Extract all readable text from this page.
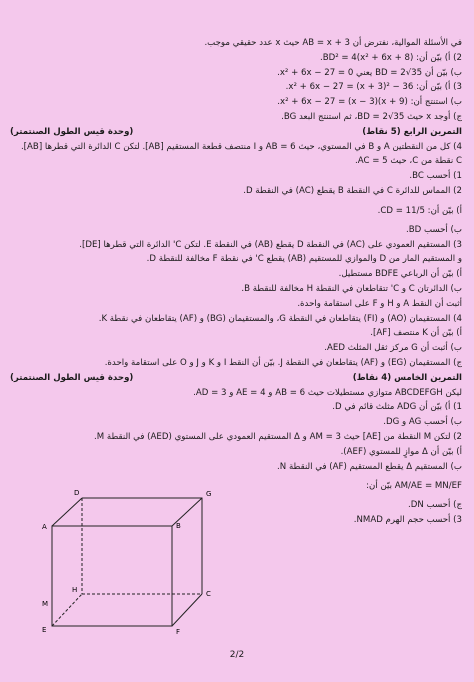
في الأسئلة الموالية، نفترض أن AB = x + 3 حيث x عدد حقيقي موجب.
2) أ) بيّن أن: BD² = 4(x² + 6x + 8).
ب) بيّن أن BD = 2√35 يعني x² + 6x − 27 = 0.
3) أ) بيّن أن: x² + 6x − 27 = (x + 3)² − 36.
ب) استنتج أن: x² + 6x − 27 = (x − 3)(x + 9).
ج) أوجد x حيث BD = 2√35، ثم استنتج البعد BG.
التمرين الرابع (5 نقاط)
(وحدة قيس الطول الصنتمتر)
4) كل من النقطتين A و B في المستوي، حيث AB = 6 و I منتصف قطعة المستقيم [AB]. لتكن C الدائرة التي قطرها [AB].
C نقطة من C، حيث AC = 5.
1) أحسب BC.
2) المماس للدائرة C في النقطة B يقطع (AC) في النقطة D.
أ) بيّن أن: CD = 11/5.
ب) أحسب BD.
3) المستقيم العمودي على (AC) في النقطة D يقطع (AB) في النقطة E. لتكن C' الدائرة التي قطرها [DE].
و المستقيم المار من D والموازي للمستقيم (AB) يقطع C' في نقطة F مخالفة للنقطة D.
أ) بيّن أن الرباعي BDFE مستطيل.
ب) الدائرتان C و C' تتقاطعان في النقطة H مخالفة للنقطة B.
أثبت أن النقط A و H و F على استقامة واحدة.
4) المستقيمان (AO) و (FI) يتقاطعان في النقطة G، والمستقيمان (BG) و (AF) يتقاطعان في نقطة K.
أ) بيّن أن K منتصف [AF].
ب) أثبت أن G مركز ثقل المثلث AED.
ج) المستقيمان (EG) و (AF) يتقاطعان في النقطة J. بيّن أن النقط I و K و J و O على استقامة واحدة.
التمرين الخامس (4 نقاط)
(وحدة قيس الطول الصنتمتر)
ليكن ABCDEFGH متوازي مستطيلات حيث AB = 6 و AE = 4 و AD = 3.
1) أ) بيّن أن ADG مثلث قائم في D.
ب) أحسب AG و DG.
2) لتكن M النقطة من [AE] حيث AM = 3 و Δ المستقيم العمودي على المستوي (AED) في النقطة M.
أ) بيّن أن Δ موازٍ للمستوي (AEF).
ب) المستقيم Δ يقطع المستقيم (AF) في النقطة N.
AM/AE = MN/EF بيّن أن:
ج) أحسب DN.
3) أحسب حجم الهرم NMAD.
D	G
A	B
C
H
M
E	F
2/2
